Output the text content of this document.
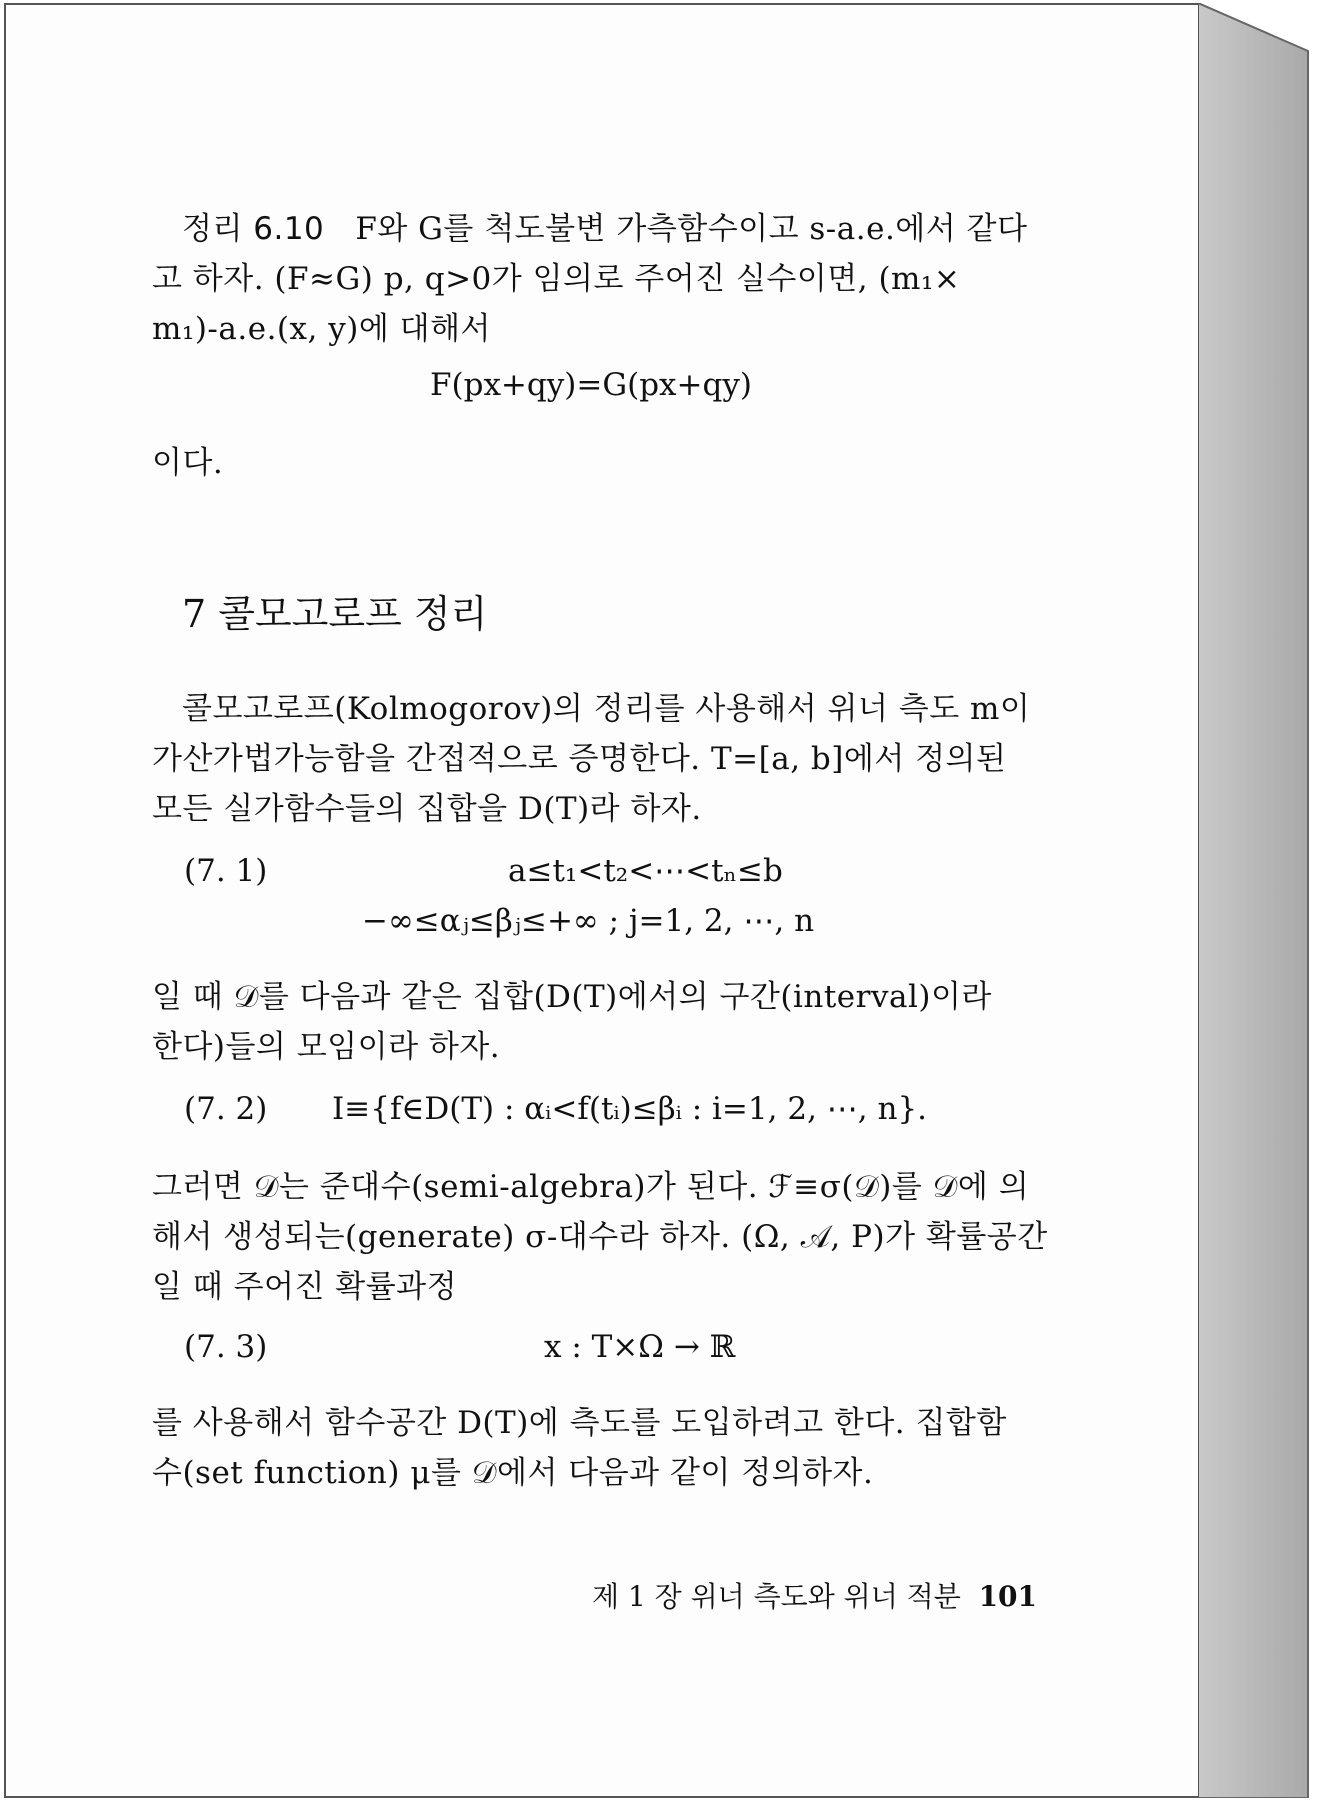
정리 6.10 F와 G를 척도불변 가측함수이고 s-a.e.에서 같다
고 하자. (F≈G) p, q>0가 임의로 주어진 실수이면, (m₁×
m₁)-a.e.(x, y)에 대해서
F(px+qy)=G(px+qy)
이다.
7 콜모고로프 정리
콜모고로프(Kolmogorov)의 정리를 사용해서 위너 측도 m이
가산가법가능함을 간접적으로 증명한다. T=[a, b]에서 정의된
모든 실가함수들의 집합을 D(T)라 하자.
(7. 1)	a≤t₁<t₂<⋯<tₙ≤b
−∞≤αⱼ≤βⱼ≤+∞ ; j=1, 2, ⋯, n
일 때 𝒟를 다음과 같은 집합(D(T)에서의 구간(interval)이라
한다)들의 모임이라 하자.
(7. 2) I≡{f∈D(T) : αᵢ<f(tᵢ)≤βᵢ : i=1, 2, ⋯, n}.
그러면 𝒟는 준대수(semi-algebra)가 된다. ℱ≡σ(𝒟)를 𝒟에 의
해서 생성되는(generate) σ-대수라 하자. (Ω, 𝒜, P)가 확률공간
일 때 주어진 확률과정
(7. 3)	x : T×Ω → ℝ
를 사용해서 함수공간 D(T)에 측도를 도입하려고 한다. 집합함
수(set function) μ를 𝒟에서 다음과 같이 정의하자.
제 1 장 위너 측도와 위너 적분 101
